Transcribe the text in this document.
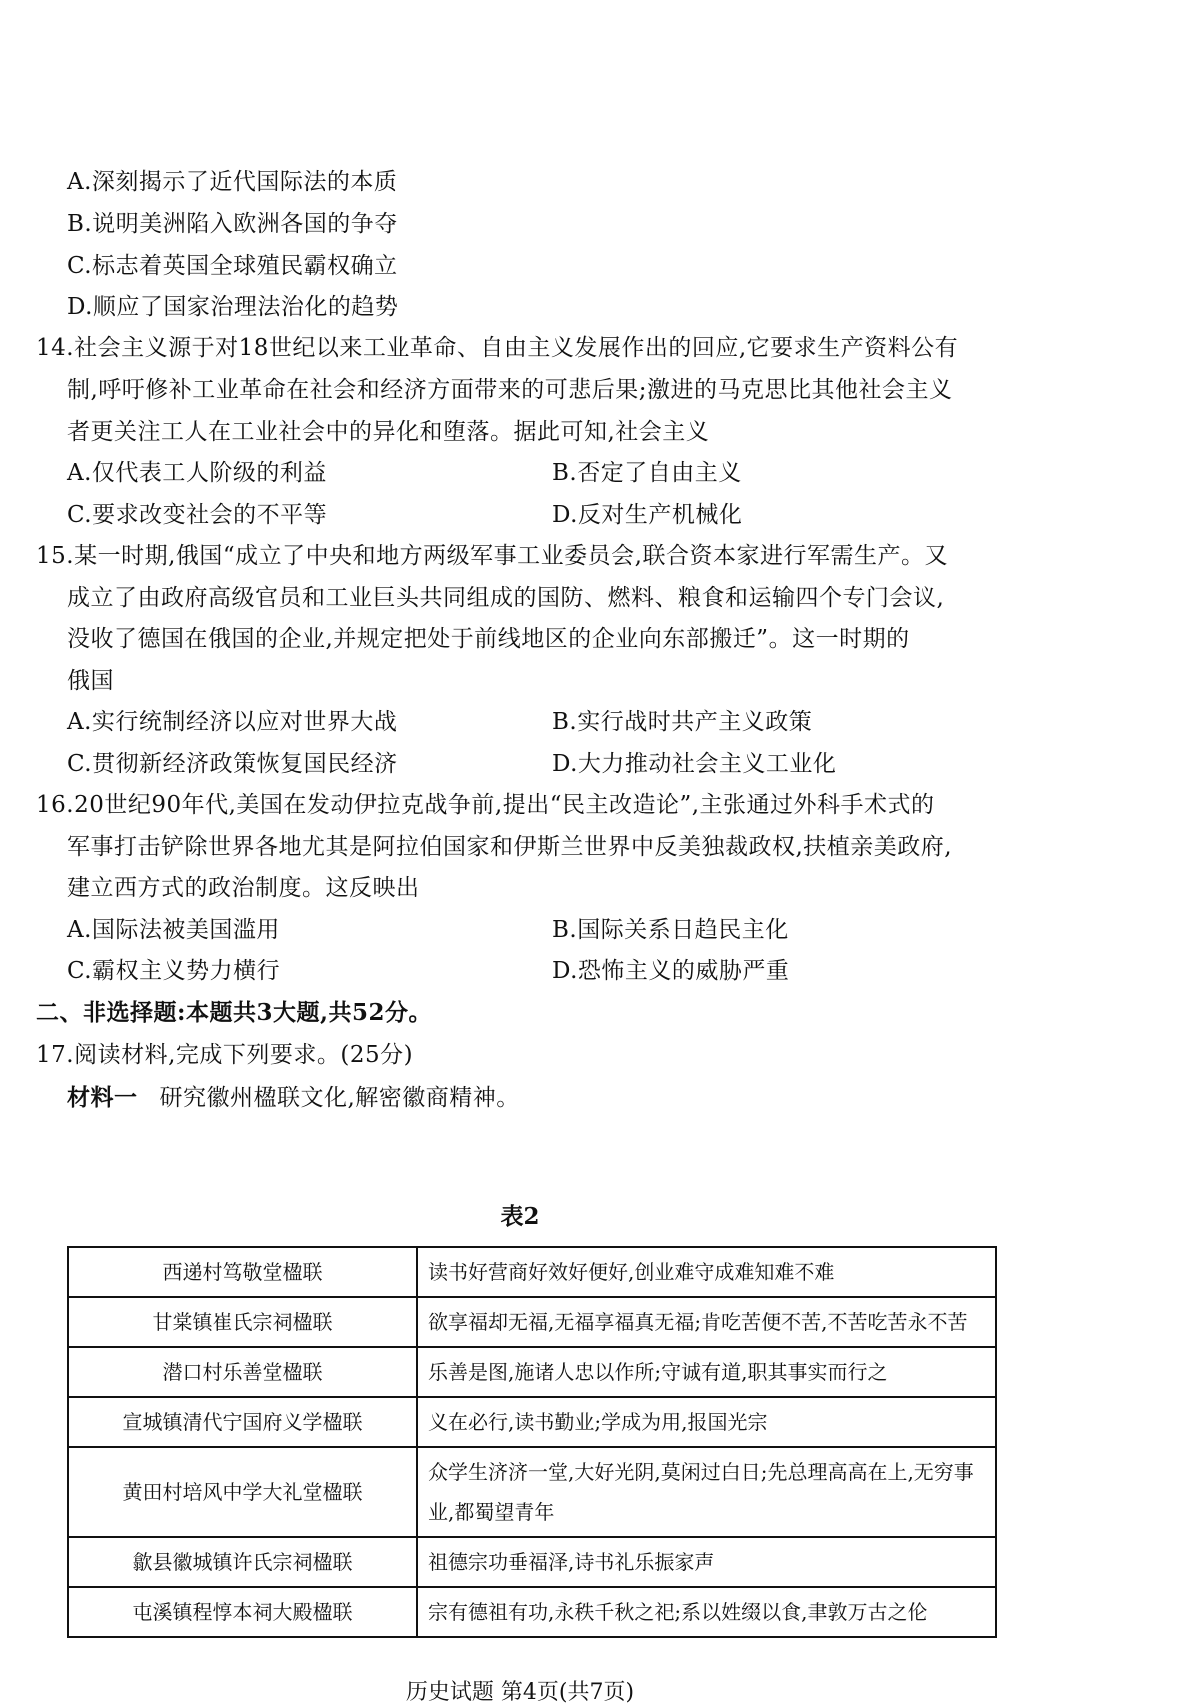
A.深刻揭示了近代国际法的本质
B.说明美洲陷入欧洲各国的争夺
C.标志着英国全球殖民霸权确立
D.顺应了国家治理法治化的趋势
14.社会主义源于对18世纪以来工业革命、自由主义发展作出的回应,它要求生产资料公有
制,呼吁修补工业革命在社会和经济方面带来的可悲后果;激进的马克思比其他社会主义
者更关注工人在工业社会中的异化和堕落。据此可知,社会主义
A.仅代表工人阶级的利益	B.否定了自由主义
C.要求改变社会的不平等	D.反对生产机械化
15.某一时期,俄国“成立了中央和地方两级军事工业委员会,联合资本家进行军需生产。又
成立了由政府高级官员和工业巨头共同组成的国防、燃料、粮食和运输四个专门会议,
没收了德国在俄国的企业,并规定把处于前线地区的企业向东部搬迁”。这一时期的
俄国
A.实行统制经济以应对世界大战	B.实行战时共产主义政策
C.贯彻新经济政策恢复国民经济	D.大力推动社会主义工业化
16.20世纪90年代,美国在发动伊拉克战争前,提出“民主改造论”,主张通过外科手术式的
军事打击铲除世界各地尤其是阿拉伯国家和伊斯兰世界中反美独裁政权,扶植亲美政府,
建立西方式的政治制度。这反映出
A.国际法被美国滥用	B.国际关系日趋民主化
C.霸权主义势力横行	D.恐怖主义的威胁严重
二、非选择题:本题共3大题,共52分。
17.阅读材料,完成下列要求。(25分)
材料一 研究徽州楹联文化,解密徽商精神。
表2
西递村笃敬堂楹联	读书好营商好效好便好,创业难守成难知难不难
甘棠镇崔氏宗祠楹联	欲享福却无福,无福享福真无福;肯吃苦便不苦,不苦吃苦永不苦
潜口村乐善堂楹联	乐善是图,施诸人忠以作所;守诚有道,职其事实而行之
宣城镇清代宁国府义学楹联	义在必行,读书勤业;学成为用,报国光宗
黄田村培风中学大礼堂楹联	众学生济济一堂,大好光阴,莫闲过白日;先总理高高在上,无穷事业,都蜀望青年
歙县徽城镇许氏宗祠楹联	祖德宗功垂福泽,诗书礼乐振家声
屯溪镇程惇本祠大殿楹联	宗有德祖有功,永秩千秋之祀;系以姓缀以食,聿敦万古之伦
历史试题 第4页(共7页)
